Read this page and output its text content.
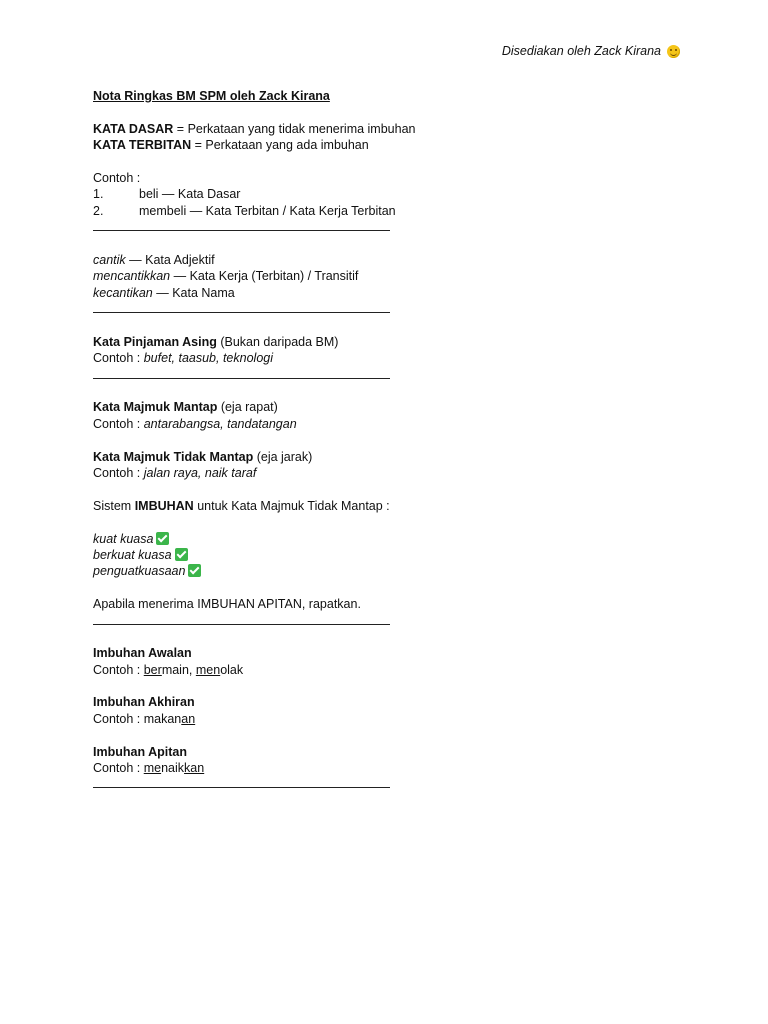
Disediakan oleh Zack Kirana
Nota Ringkas BM SPM oleh Zack Kirana
KATA DASAR = Perkataan yang tidak menerima imbuhan
KATA TERBITAN = Perkataan yang ada imbuhan
Contoh :
1.	beli — Kata Dasar
2.	membeli — Kata Terbitan / Kata Kerja Terbitan
cantik — Kata Adjektif
mencantikkan — Kata Kerja (Terbitan) / Transitif
kecantikan — Kata Nama
Kata Pinjaman Asing (Bukan daripada BM)
Contoh : bufet, taasub, teknologi
Kata Majmuk Mantap (eja rapat)
Contoh : antarabangsa, tandatangan
Kata Majmuk Tidak Mantap (eja jarak)
Contoh : jalan raya, naik taraf
Sistem IMBUHAN untuk Kata Majmuk Tidak Mantap :
kuat kuasa
berkuat kuasa
penguatkuasaan
Apabila menerima IMBUHAN APITAN, rapatkan.
Imbuhan Awalan
Contoh : bermain, menolak
Imbuhan Akhiran
Contoh : makanan
Imbuhan Apitan
Contoh : menaikkan
